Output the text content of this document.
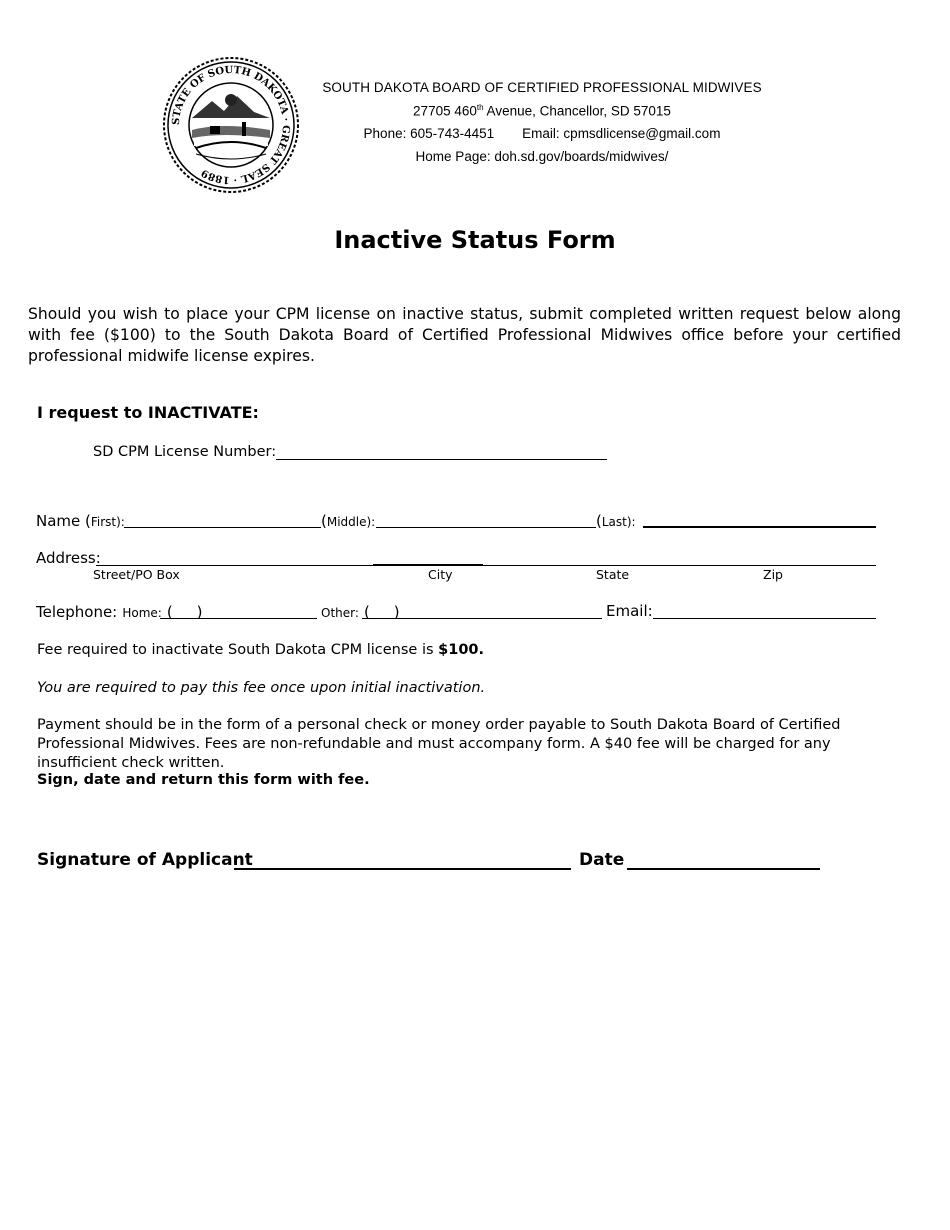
STATE OF SOUTH DAKOTA · GREAT SEAL · 1889
SOUTH DAKOTA BOARD OF CERTIFIED PROFESSIONAL MIDWIVES
27705 460th Avenue, Chancellor, SD 57015
Phone: 605-743-4451 Email: cpmsdlicense@gmail.com
Home Page: doh.sd.gov/boards/midwives/
Inactive Status Form
Should you wish to place your CPM license on inactive status, submit completed written request below along with fee ($100) to the South Dakota Board of Certified Professional Midwives office before your certified professional midwife license expires.
I request to INACTIVATE:
SD CPM License Number:
Name (First):	(Middle):	(Last):
Address:
Street/PO Box	City	State	Zip
Telephone: Home: (     )	Other: (     )	Email:
Fee required to inactivate South Dakota CPM license is $100.
You are required to pay this fee once upon initial inactivation.
Payment should be in the form of a personal check or money order payable to South Dakota Board of Certified Professional Midwives. Fees are non-refundable and must accompany form. A $40 fee will be charged for any insufficient check written.
Sign, date and return this form with fee.
Signature of Applicant	Date
